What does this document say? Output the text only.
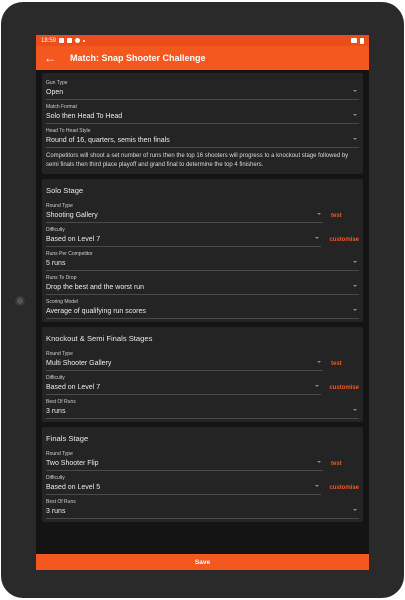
18:59
←	Match: Snap Shooter Challenge
Gun Type
Open
Match Format
Solo then Head To Head
Head To Head Style
Round of 16, quarters, semis then finals
Competitors will shoot a set number of runs then the top 16 shooters will progress to a knockout stage followed by semi finals then third place playoff and grand final to determine the top 4 finishers.
Solo Stage
Round Type
Shooting Gallery	test
Difficulty
Based on Level 7	customise
Runs Per Competitor
5 runs
Runs To Drop
Drop the best and the worst run
Scoring Model
Average of qualifying run scores
Knockout & Semi Finals Stages
Round Type
Multi Shooter Gallery	test
Difficulty
Based on Level 7	customise
Best Of Runs
3 runs
Finals Stage
Round Type
Two Shooter Flip	test
Difficulty
Based on Level 5	customise
Best Of Runs
3 runs
Save
